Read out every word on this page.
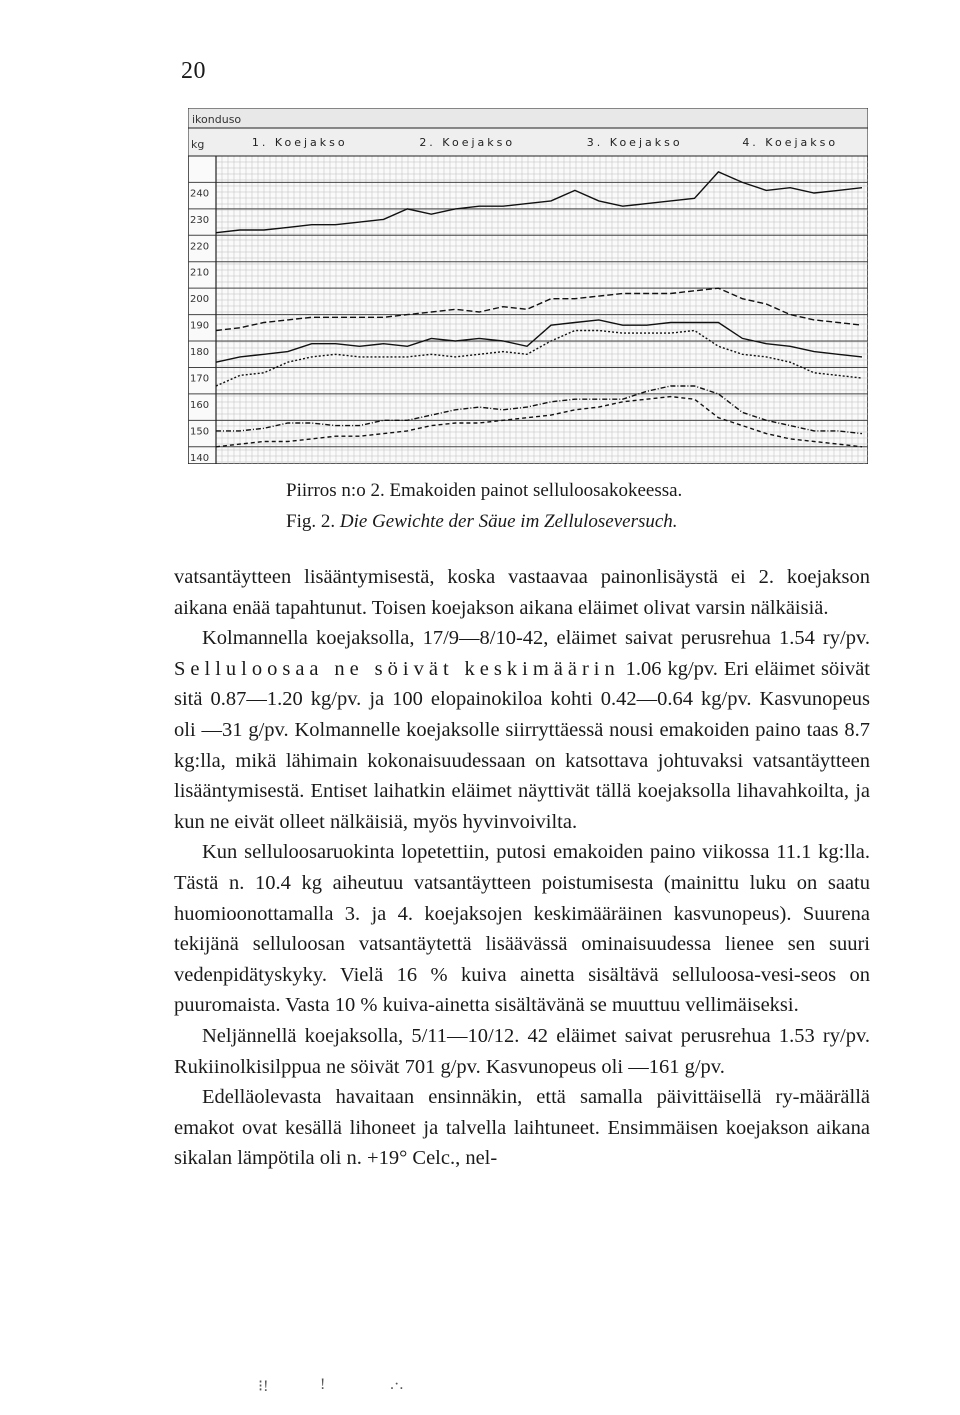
20
ikonduso
kg	1. Koejakso	2. Koejakso	3. Koejakso	4. Koejakso
240
230
220
210
200
190
180
170
160
150
140
Piirros n:o 2. Emakoiden painot selluloosakokeessa.
Fig. 2. Die Gewichte der Säue im Zelluloseversuch.

vatsantäytteen lisääntymisestä, koska vastaavaa painonlisäystä ei 2. koejakson aikana enää tapahtunut. Toisen koejakson aikana eläimet olivat varsin nälkäisiä.

Kolmannella koejaksolla, 17/9—8/10-42, eläimet saivat perusrehua 1.54 ry/pv. Selluloosaa ne söivät keskimäärin 1.06 kg/pv. Eri eläimet söivät sitä 0.87—1.20 kg/pv. ja 100 elopainokiloa kohti 0.42—0.64 kg/pv. Kasvunopeus oli —31 g/pv. Kolmannelle koejaksolle siirryttäessä nousi emakoiden paino taas 8.7 kg:lla, mikä lähimain kokonaisuudessaan on katsottava johtuvaksi vatsantäytteen lisääntymisestä. Entiset laihatkin eläimet näyttivät tällä koejaksolla lihavahkoilta, ja kun ne eivät olleet nälkäisiä, myös hyvinvoivilta.

Kun selluloosaruokinta lopetettiin, putosi emakoiden paino viikossa 11.1 kg:lla. Tästä n. 10.4 kg aiheutuu vatsantäytteen poistumisesta (mainittu luku on saatu huomioonottamalla 3. ja 4. koejaksojen keskimääräinen kasvunopeus). Suurena tekijänä selluloosan vatsantäytettä lisäävässä ominaisuudessa lienee sen suuri vedenpidätyskyky. Vielä 16 % kuiva ainetta sisältävä selluloosa-vesi-seos on puuromaista. Vasta 10 % kuiva-ainetta sisältävänä se muuttuu vellimäiseksi.

Neljännellä koejaksolla, 5/11—10/12. 42 eläimet saivat perusrehua 1.53 ry/pv. Rukiinolkisilppua ne söivät 701 g/pv. Kasvunopeus oli —161 g/pv.

Edelläolevasta havaitaan ensinnäkin, että samalla päivittäisellä ry-määrällä emakot ovat kesällä lihoneet ja talvella laihtuneet. Ensimmäisen koejakson aikana sikalan lämpötila oli n. +19° Celc., nel-

⁝!	!	.·.
